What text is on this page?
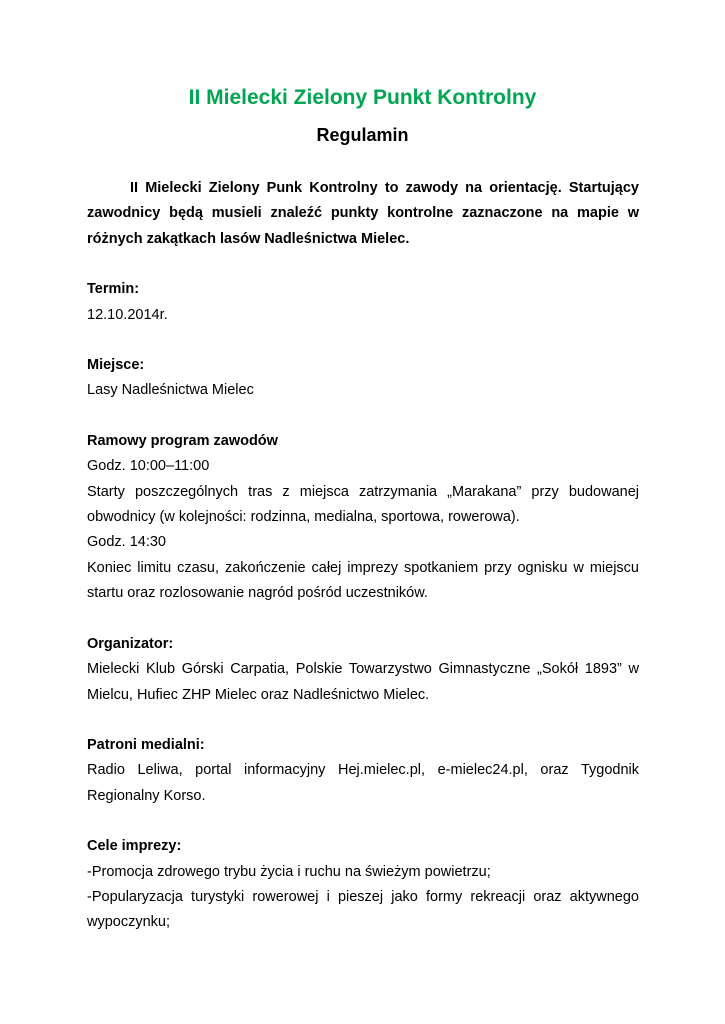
II Mielecki Zielony Punkt Kontrolny
Regulamin

II Mielecki Zielony Punk Kontrolny to zawody na orientację. Startujący zawodnicy będą musieli znaleźć punkty kontrolne zaznaczone na mapie w różnych zakątkach lasów Nadleśnictwa Mielec.

Termin:

12.10.2014r.

Miejsce:

Lasy Nadleśnictwa Mielec

Ramowy program zawodów

Godz. 10:00–11:00

Starty poszczególnych tras z miejsca zatrzymania „Marakana” przy budowanej obwodnicy (w kolejności: rodzinna, medialna, sportowa, rowerowa).

Godz. 14:30

Koniec limitu czasu, zakończenie całej imprezy spotkaniem przy ognisku w miejscu startu oraz rozlosowanie nagród pośród uczestników.

Organizator:

Mielecki Klub Górski Carpatia, Polskie Towarzystwo Gimnastyczne „Sokół 1893” w Mielcu, Hufiec ZHP Mielec oraz Nadleśnictwo Mielec.

Patroni medialni:

Radio Leliwa, portal informacyjny Hej.mielec.pl, e-mielec24.pl, oraz Tygodnik Regionalny Korso.

Cele imprezy:

-Promocja zdrowego trybu życia i ruchu na świeżym powietrzu;

-Popularyzacja turystyki rowerowej i pieszej jako formy rekreacji oraz aktywnego wypoczynku;
